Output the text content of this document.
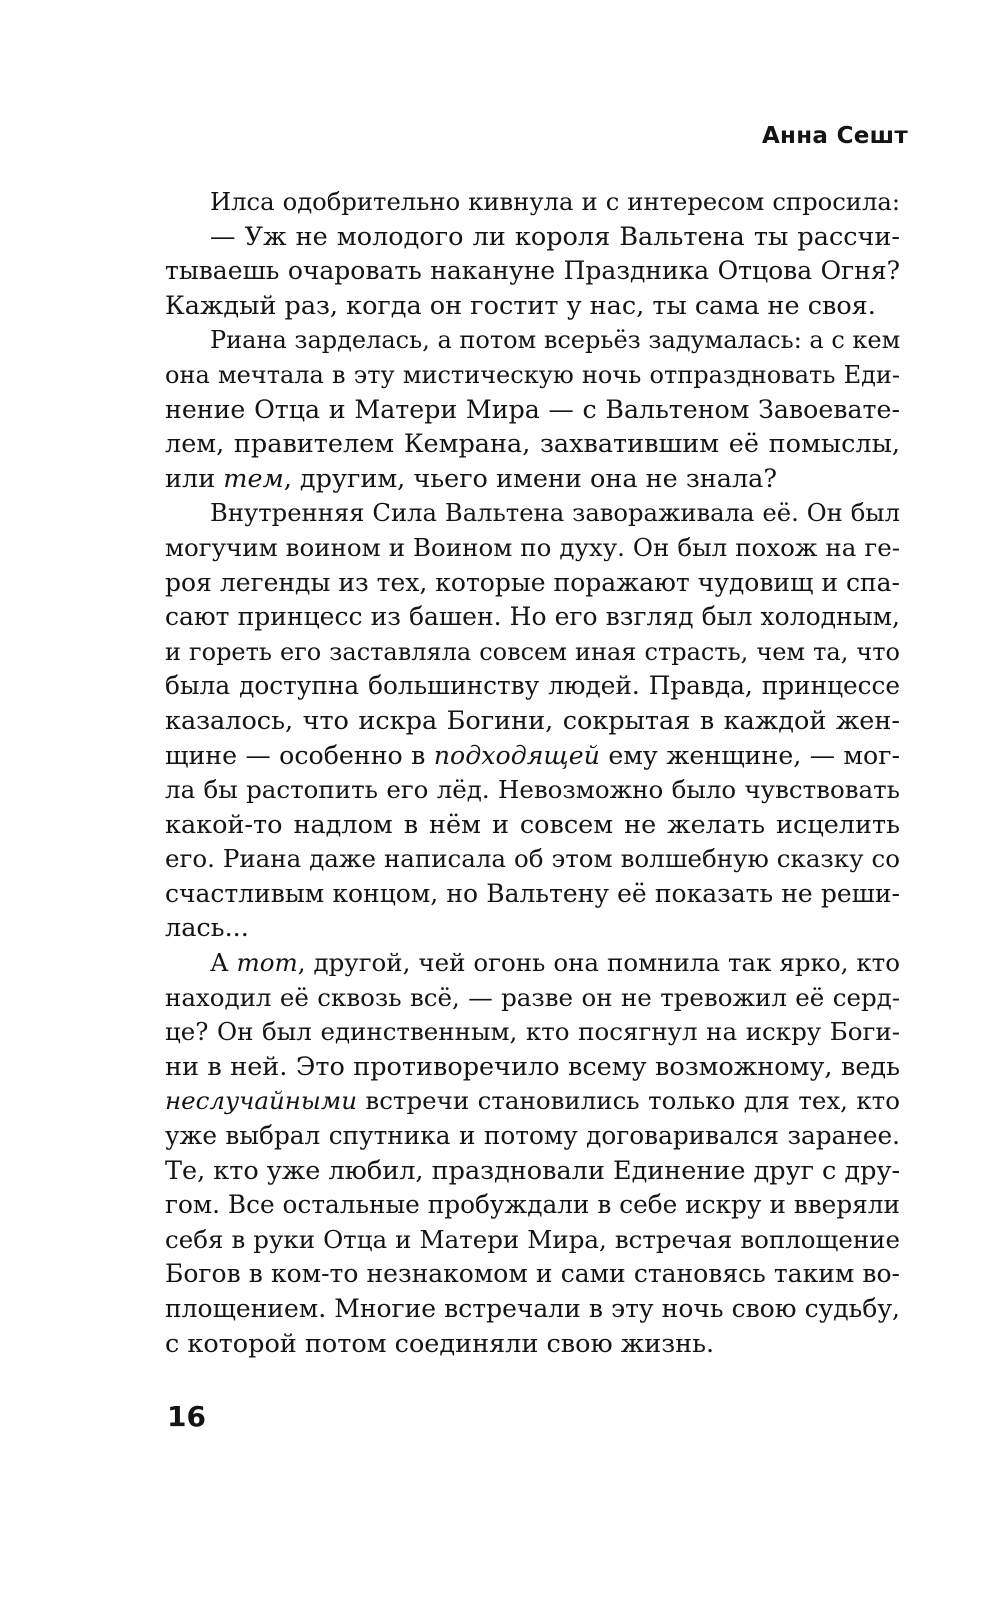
Анна Сешт
Илса одобрительно кивнула и с интересом спросила:
— Уж не молодого ли короля Вальтена ты рассчи-
тываешь очаровать накануне Праздника Отцова Огня?
Каждый раз, когда он гостит у нас, ты сама не своя.
Риана зарделась, а потом всерьёз задумалась: а с кем
она мечтала в эту мистическую ночь отпраздновать Еди-
нение Отца и Матери Мира — с Вальтеном Завоевате-
лем, правителем Кемрана, захватившим её помыслы,
или тем, другим, чьего имени она не знала?
Внутренняя Сила Вальтена завораживала её. Он был
могучим воином и Воином по духу. Он был похож на ге-
роя легенды из тех, которые поражают чудовищ и спа-
сают принцесс из башен. Но его взгляд был холодным,
и гореть его заставляла совсем иная страсть, чем та, что
была доступна большинству людей. Правда, принцессе
казалось, что искра Богини, сокрытая в каждой жен-
щине — особенно в подходящей ему женщине, — мог-
ла бы растопить его лёд. Невозможно было чувствовать
какой-то надлом в нём и совсем не желать исцелить
его. Риана даже написала об этом волшебную сказку со
счастливым концом, но Вальтену её показать не реши-
лась...
А тот, другой, чей огонь она помнила так ярко, кто
находил её сквозь всё, — разве он не тревожил её серд-
це? Он был единственным, кто посягнул на искру Боги-
ни в ней. Это противоречило всему возможному, ведь
неслучайными встречи становились только для тех, кто
уже выбрал спутника и потому договаривался заранее.
Те, кто уже любил, праздновали Единение друг с дру-
гом. Все остальные пробуждали в себе искру и вверяли
себя в руки Отца и Матери Мира, встречая воплощение
Богов в ком-то незнакомом и сами становясь таким во-
площением. Многие встречали в эту ночь свою судьбу,
с которой потом соединяли свою жизнь.
16
